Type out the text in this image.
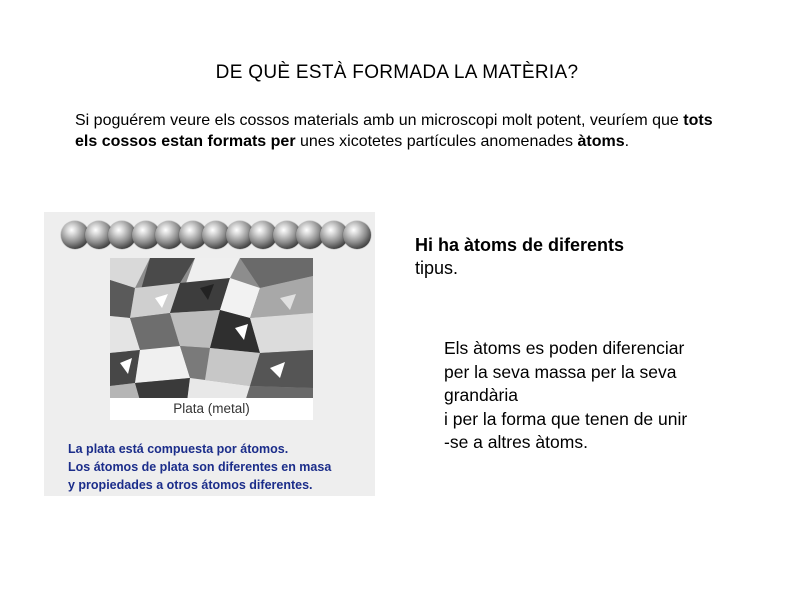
DE QUÈ ESTÀ FORMADA LA MATÈRIA?
Si poguérem veure els cossos materials amb un microscopi molt potent, veuríem que tots els cossos estan formats per unes xicotetes partícules anomenades àtoms.
Plata (metal)
La plata está compuesta por átomos.
Los átomos de plata son diferentes en masa
y propiedades a otros átomos diferentes.
Hi ha àtoms de diferents
tipus.
Els àtoms es poden diferenciar
per la seva massa per la seva
grandària
i per la forma que tenen de unir
-se a altres àtoms.
